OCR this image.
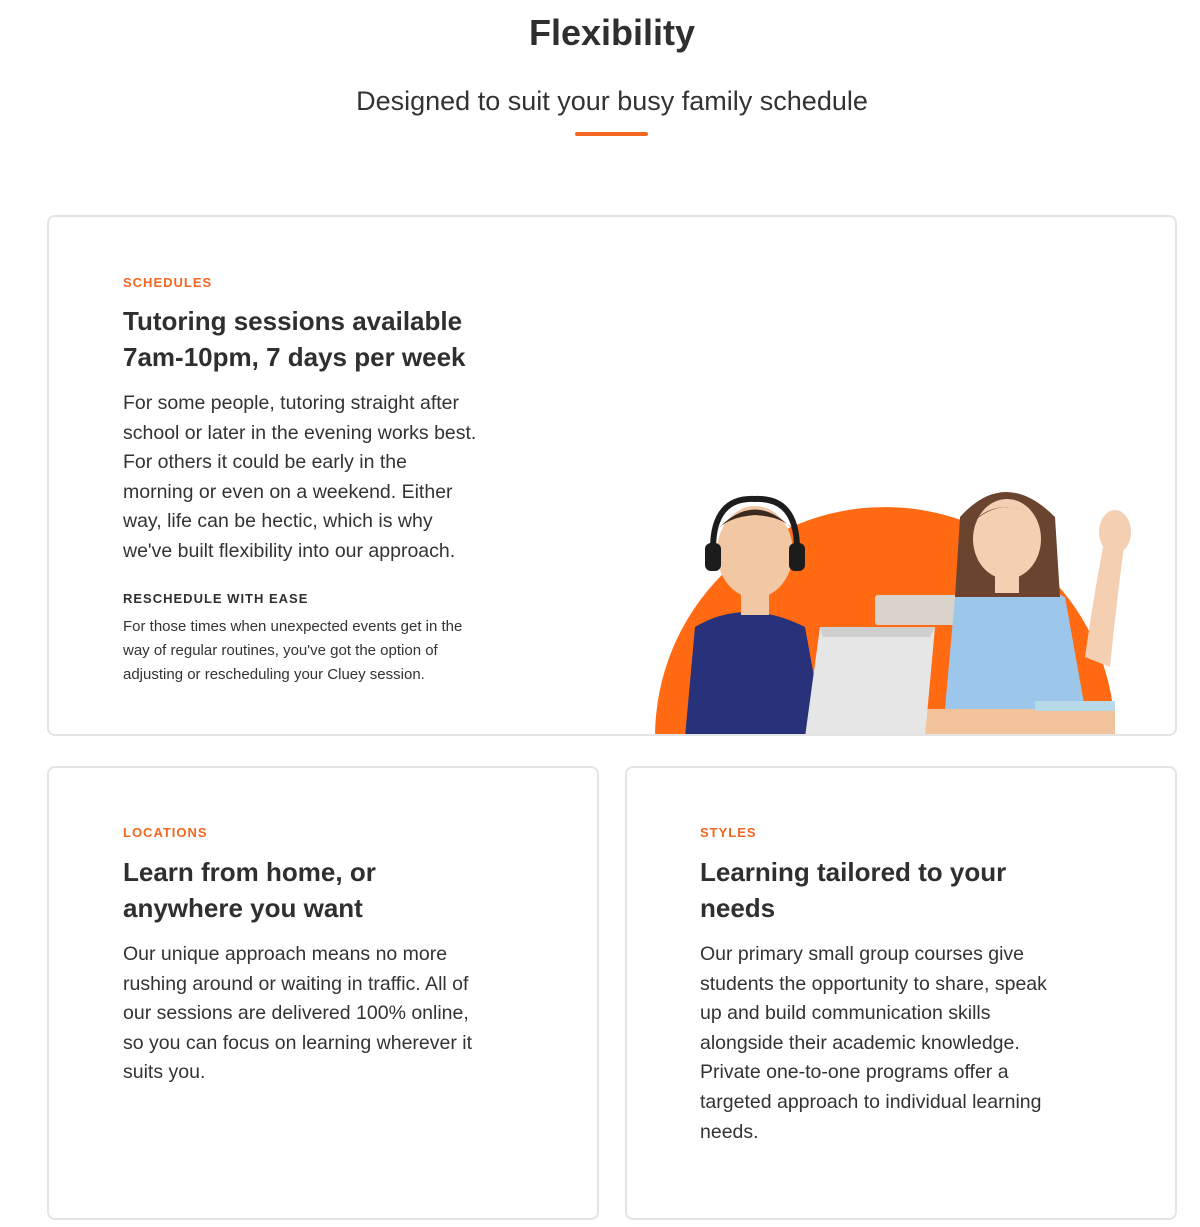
Flexibility
Designed to suit your busy family schedule
SCHEDULES
Tutoring sessions available
7am-10pm, 7 days per week

For some people, tutoring straight after
school or later in the evening works best.
For others it could be early in the
morning or even on a weekend. Either
way, life can be hectic, which is why
we've built flexibility into our approach.

RESCHEDULE WITH EASE

For those times when unexpected events get in the
way of regular routines, you've got the option of
adjusting or rescheduling your Cluey session.

LOCATIONS
Learn from home, or
anywhere you want

Our unique approach means no more
rushing around or waiting in traffic. All of
our sessions are delivered 100% online,
so you can focus on learning wherever it
suits you.

STYLES
Learning tailored to your
needs

Our primary small group courses give
students the opportunity to share, speak
up and build communication skills
alongside their academic knowledge.
Private one-to-one programs offer a
targeted approach to individual learning
needs.
